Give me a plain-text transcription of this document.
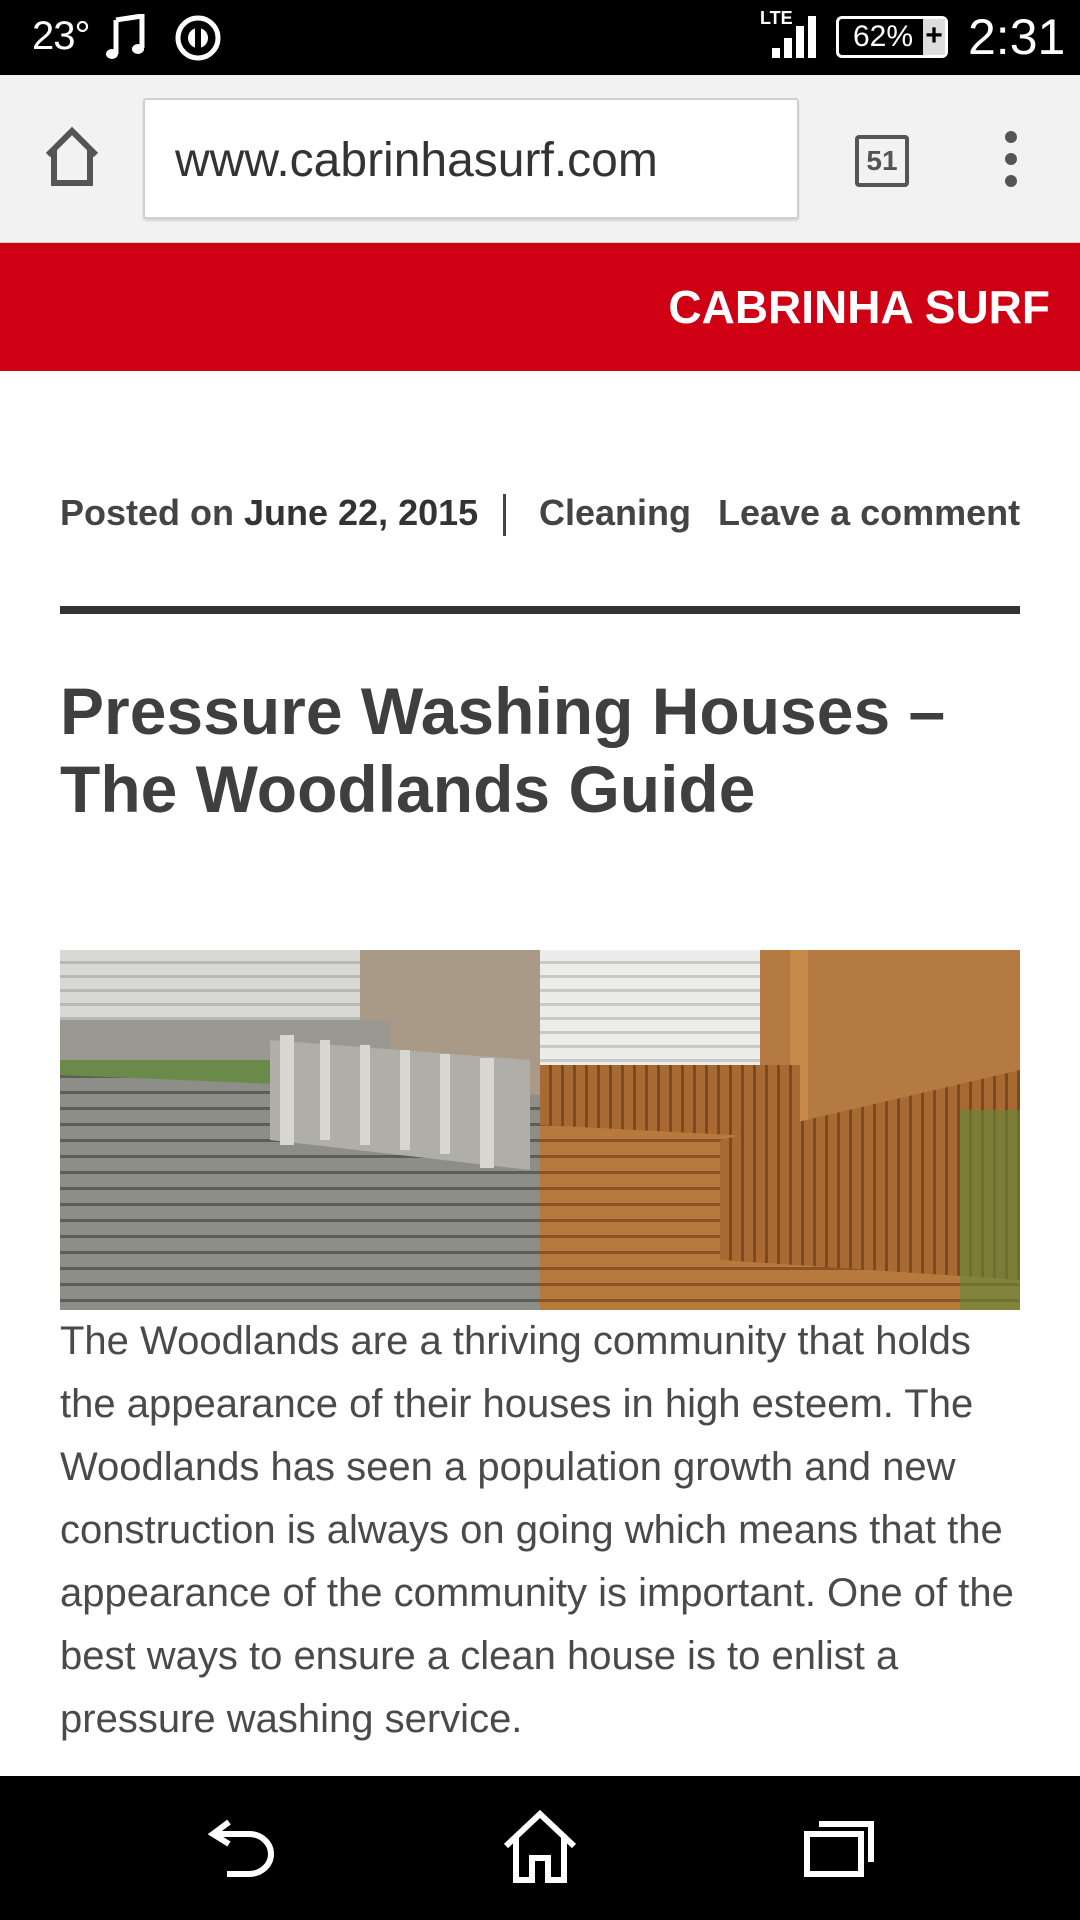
23°	LTE
62% + 2:31
www.cabrinhasurf.com	51
CABRINHA SURF
Posted on June 22, 2015 Cleaning Leave a comment
Pressure Washing Houses – The Woodlands Guide

The Woodlands are a thriving community that holds the appearance of their houses in high esteem. The Woodlands has seen a population growth and new construction is always on going which means that the appearance of the community is important. One of the best ways to ensure a clean house is to enlist a pressure washing service.
